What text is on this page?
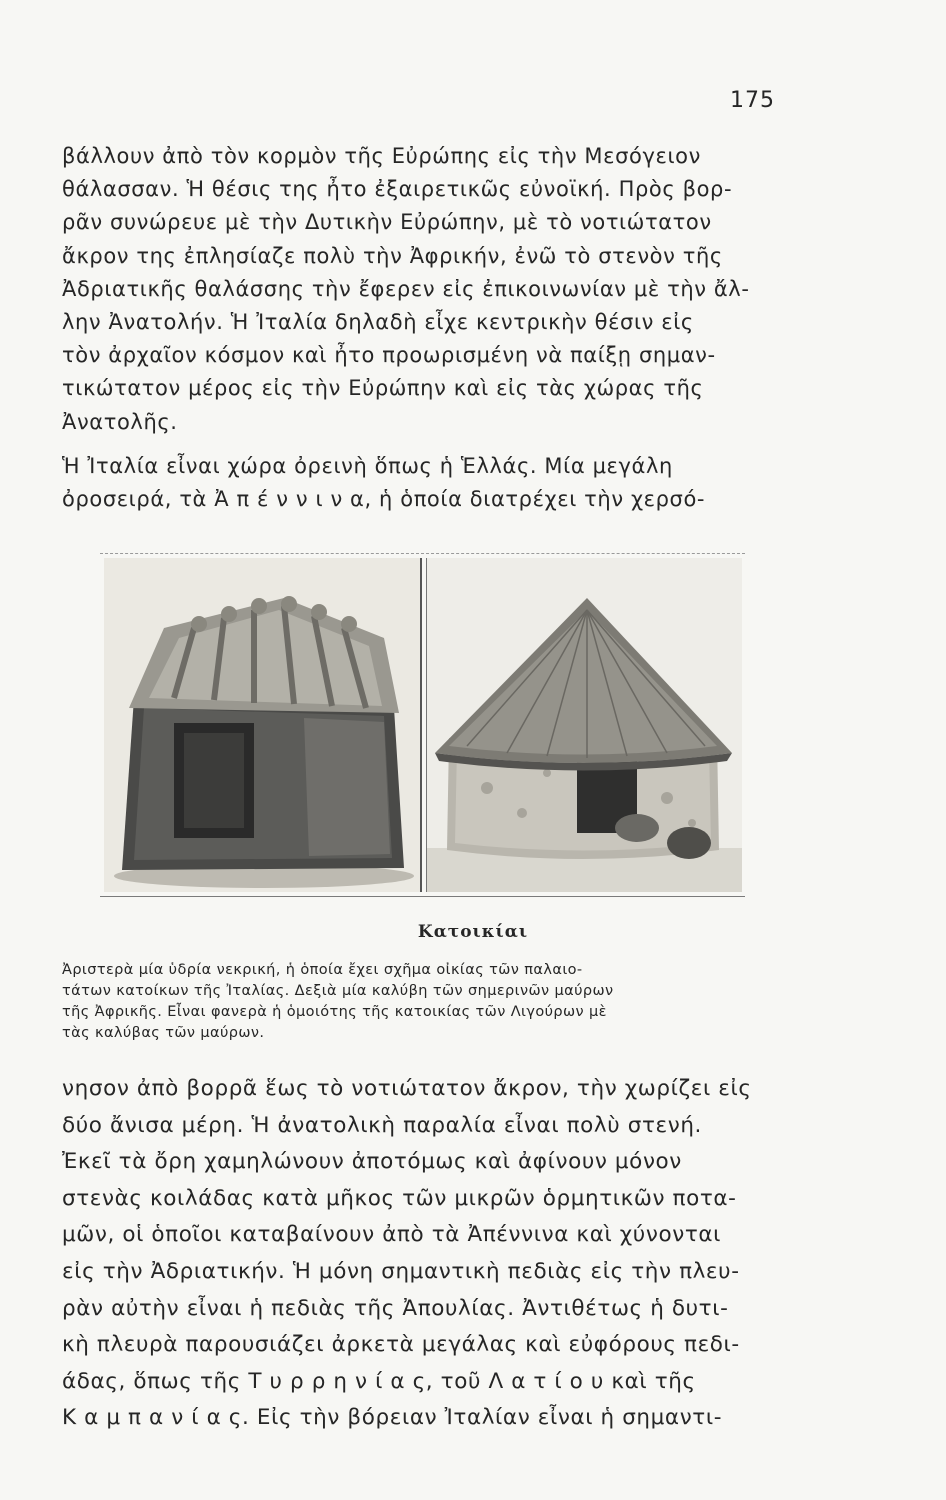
175
βάλλουν ἀπὸ τὸν κορμὸν τῆς Εὐρώπης εἰς τὴν Μεσόγειον
θάλασσαν. Ἡ θέσις της ἦτο ἐξαιρετικῶς εὐνοϊκή. Πρὸς βορ-
ρᾶν συνώρευε μὲ τὴν Δυτικὴν Εὐρώπην, μὲ τὸ νοτιώτατον
ἄκρον της ἐπλησίαζε πολὺ τὴν Ἀφρικήν, ἐνῶ τὸ στενὸν τῆς
Ἀδριατικῆς θαλάσσης τὴν ἔφερεν εἰς ἐπικοινωνίαν μὲ τὴν ἄλ-
λην Ἀνατολήν. Ἡ Ἰταλία δηλαδὴ εἶχε κεντρικὴν θέσιν εἰς
τὸν ἀρχαῖον κόσμον καὶ ἦτο προωρισμένη νὰ παίξῃ σημαν-
τικώτατον μέρος εἰς τὴν Εὐρώπην καὶ εἰς τὰς χώρας τῆς
Ἀνατολῆς.
Ἡ Ἰταλία εἶναι χώρα ὀρεινὴ ὅπως ἡ Ἑλλάς. Μία μεγάλη
ὀροσειρά, τὰ Ἀ π έ ν ν ι ν α, ἡ ὁποία διατρέχει τὴν χερσό-
Κατοικίαι
Ἀριστερὰ μία ὑδρία νεκρική, ἡ ὁποία ἔχει σχῆμα οἰκίας τῶν παλαιο-
τάτων κατοίκων τῆς Ἰταλίας. Δεξιὰ μία καλύβη τῶν σημερινῶν μαύρων
τῆς Ἀφρικῆς. Εἶναι φανερὰ ἡ ὁμοιότης τῆς κατοικίας τῶν Λιγούρων μὲ
τὰς καλύβας τῶν μαύρων.
νησον ἀπὸ βορρᾶ ἕως τὸ νοτιώτατον ἄκρον, τὴν χωρίζει εἰς
δύο ἄνισα μέρη. Ἡ ἀνατολικὴ παραλία εἶναι πολὺ στενή.
Ἐκεῖ τὰ ὄρη χαμηλώνουν ἀποτόμως καὶ ἀφίνουν μόνον
στενὰς κοιλάδας κατὰ μῆκος τῶν μικρῶν ὁρμητικῶν ποτα-
μῶν, οἱ ὁποῖοι καταβαίνουν ἀπὸ τὰ Ἀπέννινα καὶ χύνονται
εἰς τὴν Ἀδριατικήν. Ἡ μόνη σημαντικὴ πεδιὰς εἰς τὴν πλευ-
ρὰν αὐτὴν εἶναι ἡ πεδιὰς τῆς Ἀπουλίας. Ἀντιθέτως ἡ δυτι-
κὴ πλευρὰ παρουσιάζει ἀρκετὰ μεγάλας καὶ εὐφόρους πεδι-
άδας, ὅπως τῆς Τ υ ρ ρ η ν ί α ς, τοῦ Λ α τ ί ο υ καὶ τῆς
Κ α μ π α ν ί α ς. Εἰς τὴν βόρειαν Ἰταλίαν εἶναι ἡ σημαντι-
